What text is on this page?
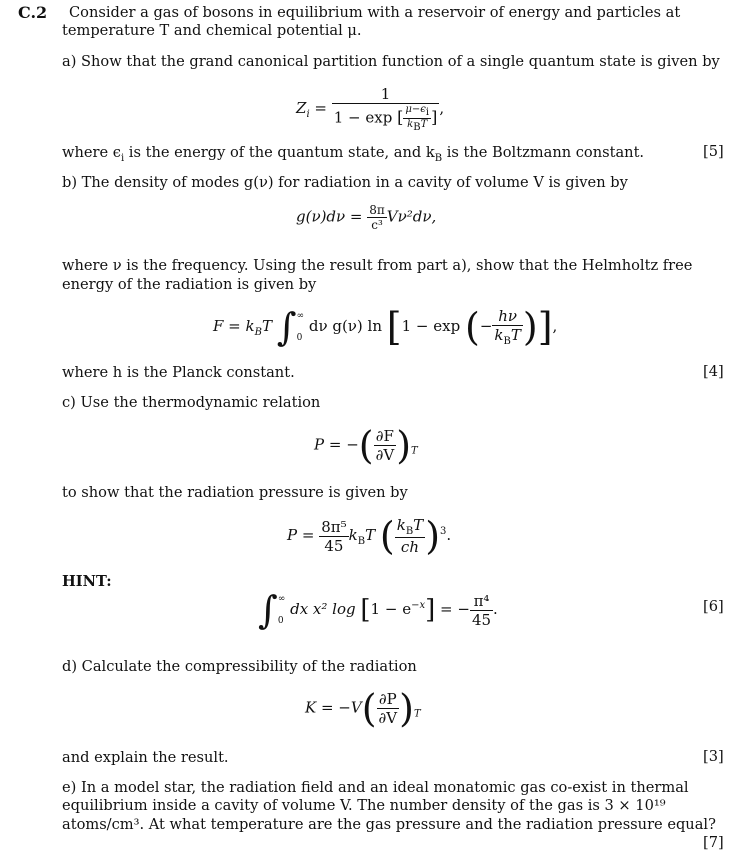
C.2 Consider a gas of bosons in equilibrium with a reservoir of energy and particles at
temperature T and chemical potential μ.
a) Show that the grand canonical partition function of a single quantum state is given by
$Z_i = \frac{1}{1 - \exp [ \frac{\mu-\epsilon_i}{k_BT} ]}$ ,
where $\epsilon_i$ is the energy of the quantum state, and $k_B$ is the Boltzmann constant.	[5]
b) The density of modes g(ν) for radiation in a cavity of volume V is given by
$g(\nu)d\nu = \frac{8\pi}{\text{c³}} V\nu^2d\nu$,
where ν is the frequency. Using the result from part a), show that the Helmholtz free
energy of the radiation is given by
$F = k_BT$ ∫ ∞
0
dν g(ν) ln [1 − exp (− $\frac{h\nu}{k_BT}$ )],
where h is the Planck constant.	[4]
c) Use the thermodynamic relation
P = −( $\frac{\partial F}{\partial V} )_T$
to show that the radiation pressure is given by
$P = \frac{\text{8π⁵}}{45} k_BT$ ( $\frac{k_BT}{ch} )^3$.
HINT:
∫ ∞
0
dx x² $\log [1 - e^{-x}]$ = − $\frac{\text{π⁴}}{45}$ .	[6]
d) Calculate the compressibility of the radiation
$K = -V( \frac{\partial P}{\partial V} )_T$
and explain the result.	[3]
e) In a model star, the radiation field and an ideal monatomic gas co-exist in thermal
equilibrium inside a cavity of volume V. The number density of the gas is 3 × 10¹⁹
atoms/cm³. At what temperature are the gas pressure and the radiation pressure equal?
[7]
